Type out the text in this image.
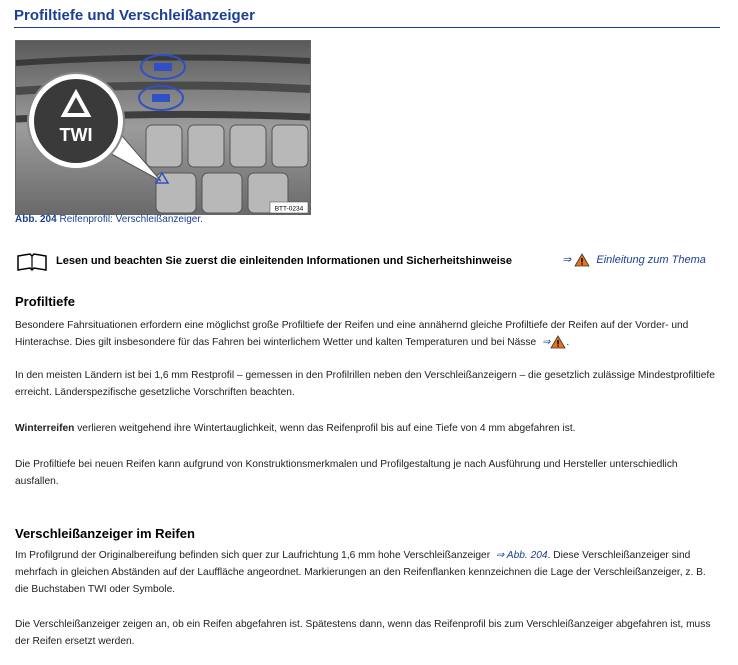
Profiltiefe und Verschleißanzeiger
TWI
BTT-0234
Abb. 204 Reifenprofil: Verschleißanzeiger.
Lesen und beachten Sie zuerst die einleitenden Informationen und Sicherheitshinweise	⇒ Einleitung zum Thema
Profiltiefe

Besondere Fahrsituationen erfordern eine möglichst große Profiltiefe der Reifen und eine annähernd gleiche Profiltiefe der Reifen auf der Vorder- und Hinterachse. Dies gilt insbesondere für das Fahren bei winterlichem Wetter und kalten Temperaturen und bei Nässe ⇒ .

In den meisten Ländern ist bei 1,6 mm Restprofil – gemessen in den Profilrillen neben den Verschleißanzeigern – die gesetzlich zulässige Mindestprofiltiefe erreicht. Länderspezifische gesetzliche Vorschriften beachten.

Winterreifen verlieren weitgehend ihre Wintertauglichkeit, wenn das Reifenprofil bis auf eine Tiefe von 4 mm abgefahren ist.

Die Profiltiefe bei neuen Reifen kann aufgrund von Konstruktionsmerkmalen und Profilgestaltung je nach Ausführung und Hersteller unterschiedlich ausfallen.

Verschleißanzeiger im Reifen

Im Profilgrund der Originalbereifung befinden sich quer zur Laufrichtung 1,6 mm hohe Verschleißanzeiger ⇒ Abb. 204. Diese Verschleißanzeiger sind mehrfach in gleichen Abständen auf der Lauffläche angeordnet. Markierungen an den Reifenflanken kennzeichnen die Lage der Verschleißanzeiger, z. B. die Buchstaben TWI oder Symbole.

Die Verschleißanzeiger zeigen an, ob ein Reifen abgefahren ist. Spätestens dann, wenn das Reifenprofil bis zum Verschleißanzeiger abgefahren ist, muss der Reifen ersetzt werden.
